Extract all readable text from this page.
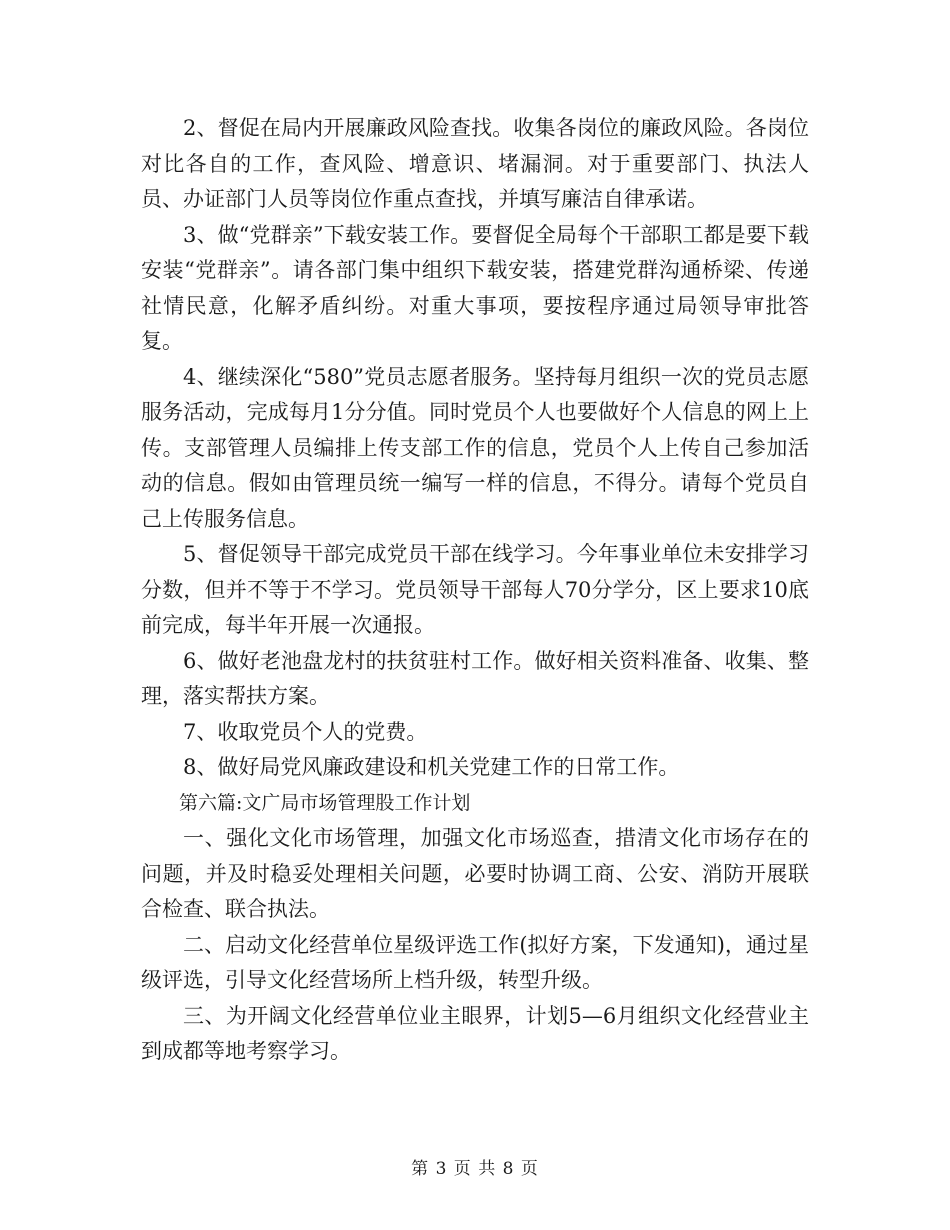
2、督促在局内开展廉政风险查找。收集各岗位的廉政风险。各岗位对比各自的工作，查风险、增意识、堵漏洞。对于重要部门、执法人员、办证部门人员等岗位作重点查找，并填写廉洁自律承诺。

3、做“党群亲”下载安装工作。要督促全局每个干部职工都是要下载安装“党群亲”。请各部门集中组织下载安装，搭建党群沟通桥梁、传递社情民意，化解矛盾纠纷。对重大事项，要按程序通过局领导审批答复。

4、继续深化“580”党员志愿者服务。坚持每月组织一次的党员志愿服务活动，完成每月1分分值。同时党员个人也要做好个人信息的网上上传。支部管理人员编排上传支部工作的信息，党员个人上传自己参加活动的信息。假如由管理员统一编写一样的信息，不得分。请每个党员自己上传服务信息。

5、督促领导干部完成党员干部在线学习。今年事业单位未安排学习分数，但并不等于不学习。党员领导干部每人70分学分，区上要求10底前完成，每半年开展一次通报。

6、做好老池盘龙村的扶贫驻村工作。做好相关资料准备、收集、整理，落实帮扶方案。

7、收取党员个人的党费。

8、做好局党风廉政建设和机关党建工作的日常工作。

第六篇:文广局市场管理股工作计划

一、强化文化市场管理，加强文化市场巡查，措清文化市场存在的问题，并及时稳妥处理相关问题，必要时协调工商、公安、消防开展联合检查、联合执法。

二、启动文化经营单位星级评选工作(拟好方案，下发通知)，通过星级评选，引导文化经营场所上档升级，转型升级。

三、为开阔文化经营单位业主眼界，计划5—6月组织文化经营业主到成都等地考察学习。

第 3 页 共 8 页
